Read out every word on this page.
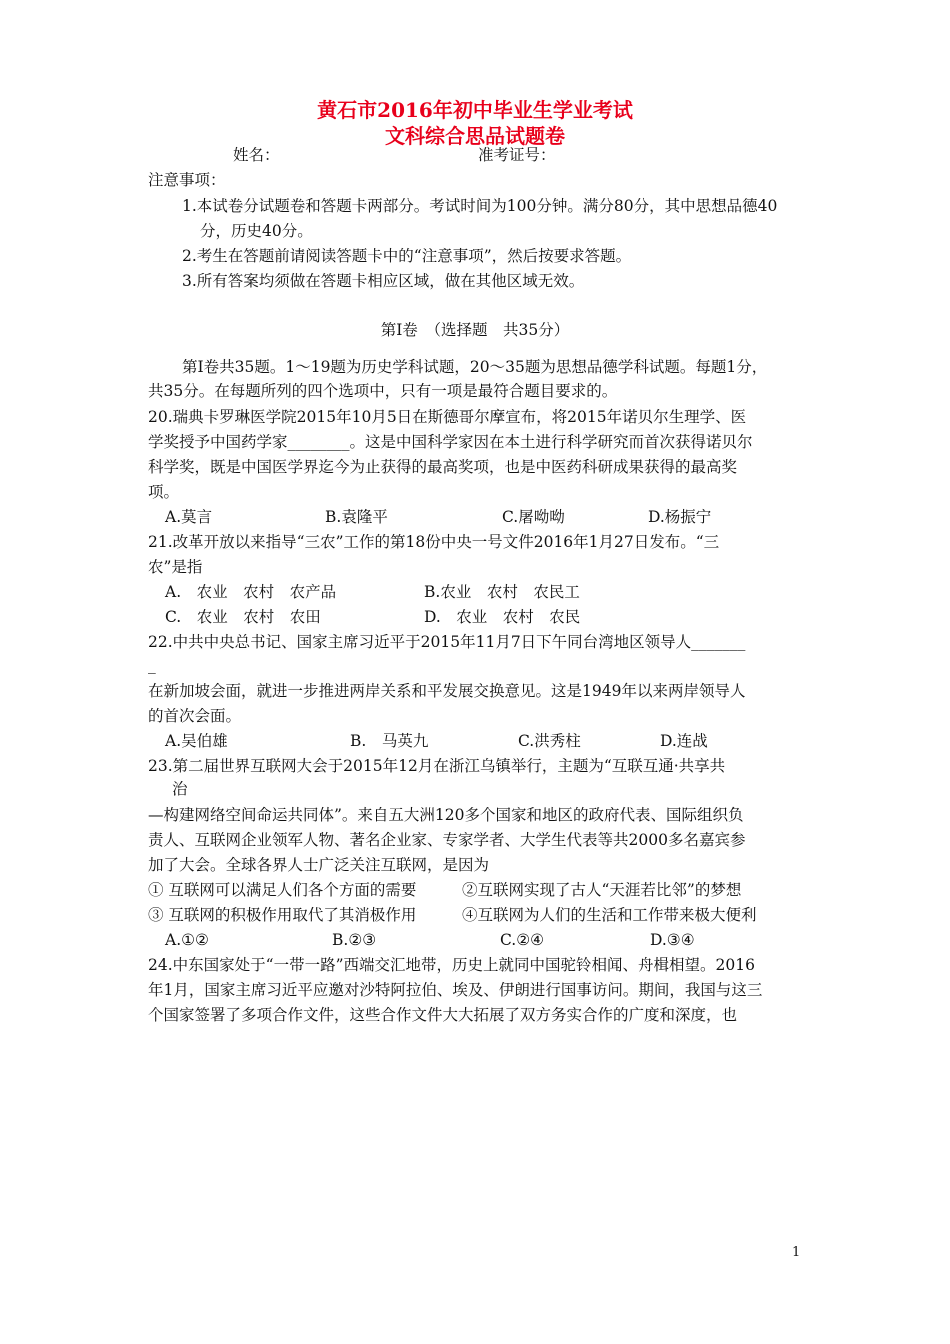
黄石市2016年初中毕业生学业考试
文科综合思品试题卷
姓名：	准考证号：
注意事项：
1.本试卷分试题卷和答题卡两部分。考试时间为100分钟。满分80分，其中思想品德40
分，历史40分。
2.考生在答题前请阅读答题卡中的“注意事项”，然后按要求答题。
3.所有答案均须做在答题卡相应区域，做在其他区域无效。
第Ⅰ卷　（选择题　共35分）
第Ⅰ卷共35题。1～19题为历史学科试题，20～35题为思想品德学科试题。每题1分，
共35分。在每题所列的四个选项中，只有一项是最符合题目要求的。
20.瑞典卡罗琳医学院2015年10月5日在斯德哥尔摩宣布，将2015年诺贝尔生理学、医
学奖授予中国药学家________。这是中国科学家因在本土进行科学研究而首次获得诺贝尔
科学奖，既是中国医学界迄今为止获得的最高奖项，也是中医药科研成果获得的最高奖
项。
A.莫言	B.袁隆平	C.屠呦呦	D.杨振宁
21.改革开放以来指导“三农”工作的第18份中央一号文件2016年1月27日发布。“三
农”是指
A.　农业　农村　农产品	B.农业　农村　农民工
C.　农业　农村　农田	D.　农业　农村　农民
22.中共中央总书记、国家主席习近平于2015年11月7日下午同台湾地区领导人_______
_
在新加坡会面，就进一步推进两岸关系和平发展交换意见。这是1949年以来两岸领导人
的首次会面。
A.吴伯雄	B.　马英九	C.洪秀柱	D.连战
23.第二届世界互联网大会于2015年12月在浙江乌镇举行，主题为“互联互通·共享共
治
—构建网络空间命运共同体”。来自五大洲120多个国家和地区的政府代表、国际组织负
责人、互联网企业领军人物、著名企业家、专家学者、大学生代表等共2000多名嘉宾参
加了大会。全球各界人士广泛关注互联网，是因为
① 互联网可以满足人们各个方面的需要	②互联网实现了古人“天涯若比邻”的梦想
③ 互联网的积极作用取代了其消极作用	④互联网为人们的生活和工作带来极大便利
A.①②	B.②③	C.②④	D.③④
24.中东国家处于“一带一路”西端交汇地带，历史上就同中国驼铃相闻、舟楫相望。2016
年1月，国家主席习近平应邀对沙特阿拉伯、埃及、伊朗进行国事访问。期间，我国与这三
个国家签署了多项合作文件，这些合作文件大大拓展了双方务实合作的广度和深度，也
1
